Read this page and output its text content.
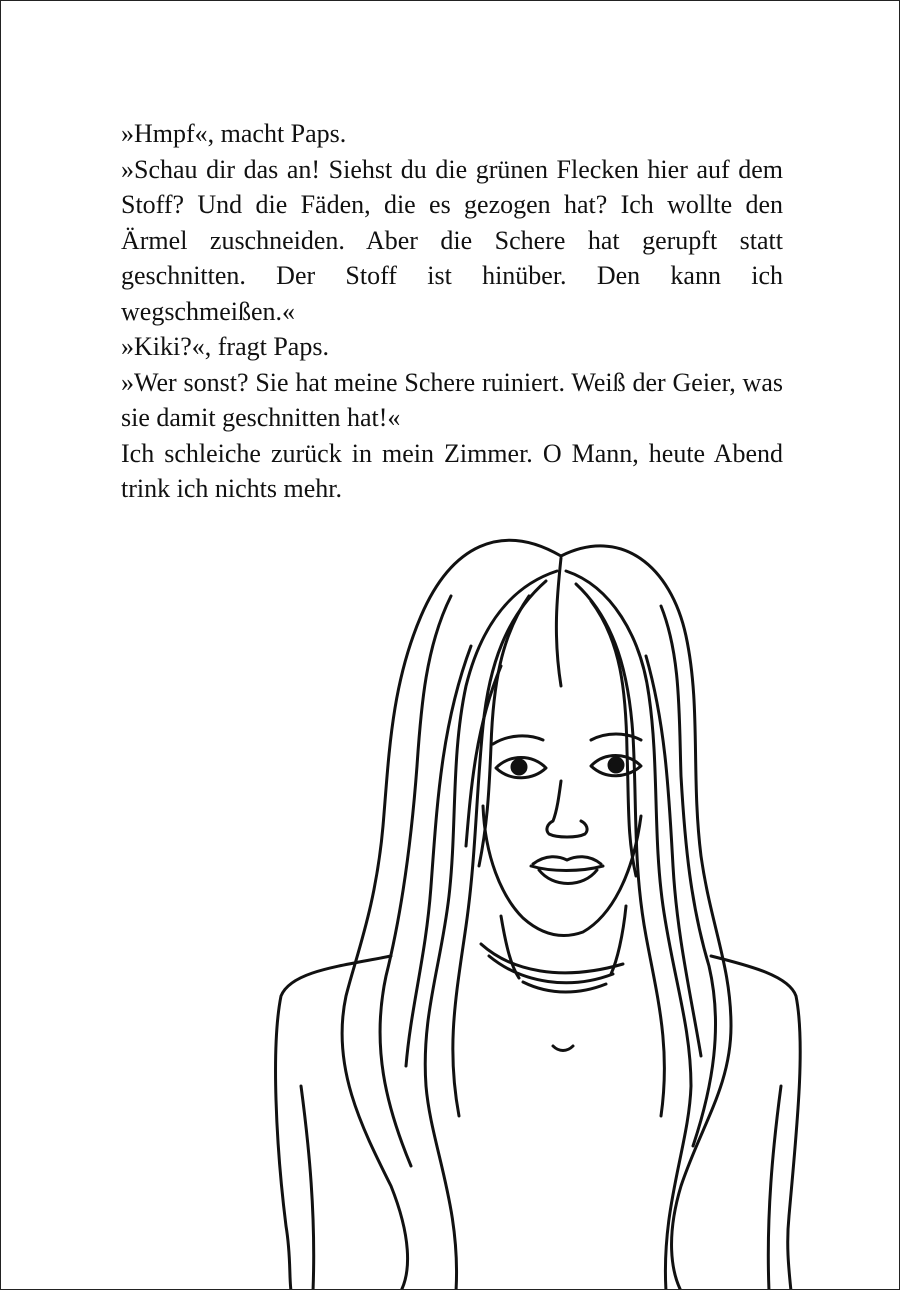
»Hmpf«, macht Paps.

»Schau dir das an! Siehst du die grünen Flecken hier auf dem Stoff? Und die Fäden, die es gezogen hat? Ich wollte den Ärmel zuschneiden. Aber die Schere hat gerupft statt geschnitten. Der Stoff ist hinüber. Den kann ich wegschmeißen.«

»Kiki?«, fragt Paps.

»Wer sonst? Sie hat meine Schere ruiniert. Weiß der Geier, was sie damit geschnitten hat!«

Ich schleiche zurück in mein Zimmer. O Mann, heute Abend trink ich nichts mehr.
